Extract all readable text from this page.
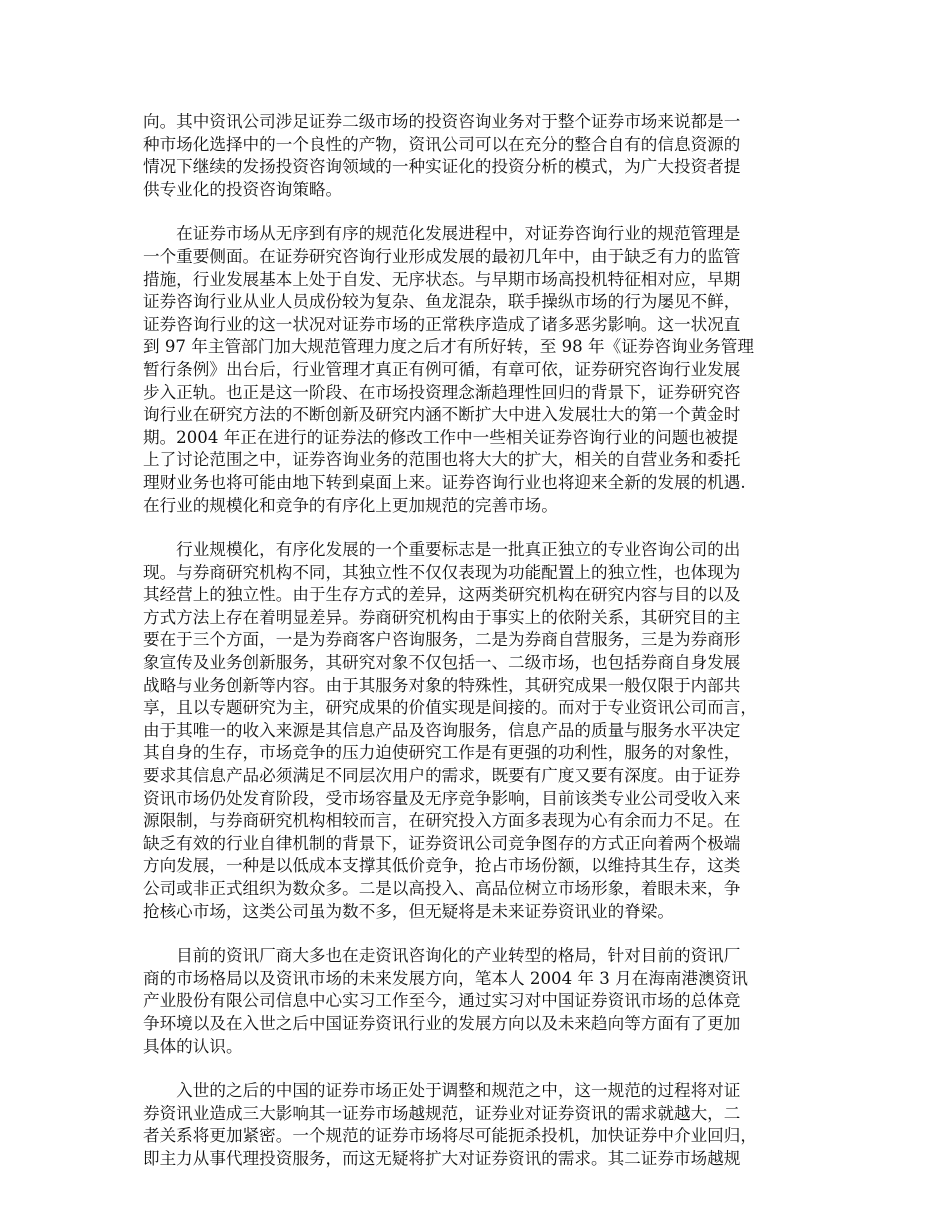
向。其中资讯公司涉足证券二级市场的投资咨询业务对于整个证券市场来说都是一
种市场化选择中的一个良性的产物，资讯公司可以在充分的整合自有的信息资源的
情况下继续的发扬投资咨询领域的一种实证化的投资分析的模式，为广大投资者提
供专业化的投资咨询策略。
　　在证券市场从无序到有序的规范化发展进程中，对证券咨询行业的规范管理是
一个重要侧面。在证券研究咨询行业形成发展的最初几年中，由于缺乏有力的监管
措施，行业发展基本上处于自发、无序状态。与早期市场高投机特征相对应，早期
证券咨询行业从业人员成份较为复杂、鱼龙混杂，联手操纵市场的行为屡见不鲜，
证券咨询行业的这一状况对证券市场的正常秩序造成了诸多恶劣影响。这一状况直
到 97 年主管部门加大规范管理力度之后才有所好转，至 98 年《证券咨询业务管理
暂行条例》出台后，行业管理才真正有例可循，有章可依，证券研究咨询行业发展
步入正轨。也正是这一阶段、在市场投资理念渐趋理性回归的背景下，证券研究咨
询行业在研究方法的不断创新及研究内涵不断扩大中进入发展壮大的第一个黄金时
期。2004 年正在进行的证券法的修改工作中一些相关证券咨询行业的问题也被提
上了讨论范围之中，证券咨询业务的范围也将大大的扩大，相关的自营业务和委托
理财业务也将可能由地下转到桌面上来。证券咨询行业也将迎来全新的发展的机遇.
在行业的规模化和竞争的有序化上更加规范的完善市场。
　　行业规模化，有序化发展的一个重要标志是一批真正独立的专业咨询公司的出
现。与券商研究机构不同，其独立性不仅仅表现为功能配置上的独立性，也体现为
其经营上的独立性。由于生存方式的差异，这两类研究机构在研究内容与目的以及
方式方法上存在着明显差异。券商研究机构由于事实上的依附关系，其研究目的主
要在于三个方面，一是为券商客户咨询服务，二是为券商自营服务，三是为券商形
象宣传及业务创新服务，其研究对象不仅包括一、二级市场，也包括券商自身发展
战略与业务创新等内容。由于其服务对象的特殊性，其研究成果一般仅限于内部共
享，且以专题研究为主，研究成果的价值实现是间接的。而对于专业资讯公司而言，
由于其唯一的收入来源是其信息产品及咨询服务，信息产品的质量与服务水平决定
其自身的生存，市场竞争的压力迫使研究工作是有更强的功利性，服务的对象性，
要求其信息产品必须满足不同层次用户的需求，既要有广度又要有深度。由于证券
资讯市场仍处发育阶段，受市场容量及无序竞争影响，目前该类专业公司受收入来
源限制，与券商研究机构相较而言，在研究投入方面多表现为心有余而力不足。在
缺乏有效的行业自律机制的背景下，证券资讯公司竞争图存的方式正向着两个极端
方向发展，一种是以低成本支撑其低价竞争，抢占市场份额，以维持其生存，这类
公司或非正式组织为数众多。二是以高投入、高品位树立市场形象，着眼未来，争
抢核心市场，这类公司虽为数不多，但无疑将是未来证券资讯业的脊梁。
　　目前的资讯厂商大多也在走资讯咨询化的产业转型的格局，针对目前的资讯厂
商的市场格局以及资讯市场的未来发展方向，笔本人 2004 年 3 月在海南港澳资讯
产业股份有限公司信息中心实习工作至今，通过实习对中国证券资讯市场的总体竞
争环境以及在入世之后中国证券资讯行业的发展方向以及未来趋向等方面有了更加
具体的认识。
　　入世的之后的中国的证券市场正处于调整和规范之中，这一规范的过程将对证
券资讯业造成三大影响其一证券市场越规范，证券业对证券资讯的需求就越大，二
者关系将更加紧密。一个规范的证券市场将尽可能扼杀投机，加快证券中介业回归，
即主力从事代理投资服务，而这无疑将扩大对证券资讯的需求。其二证券市场越规
